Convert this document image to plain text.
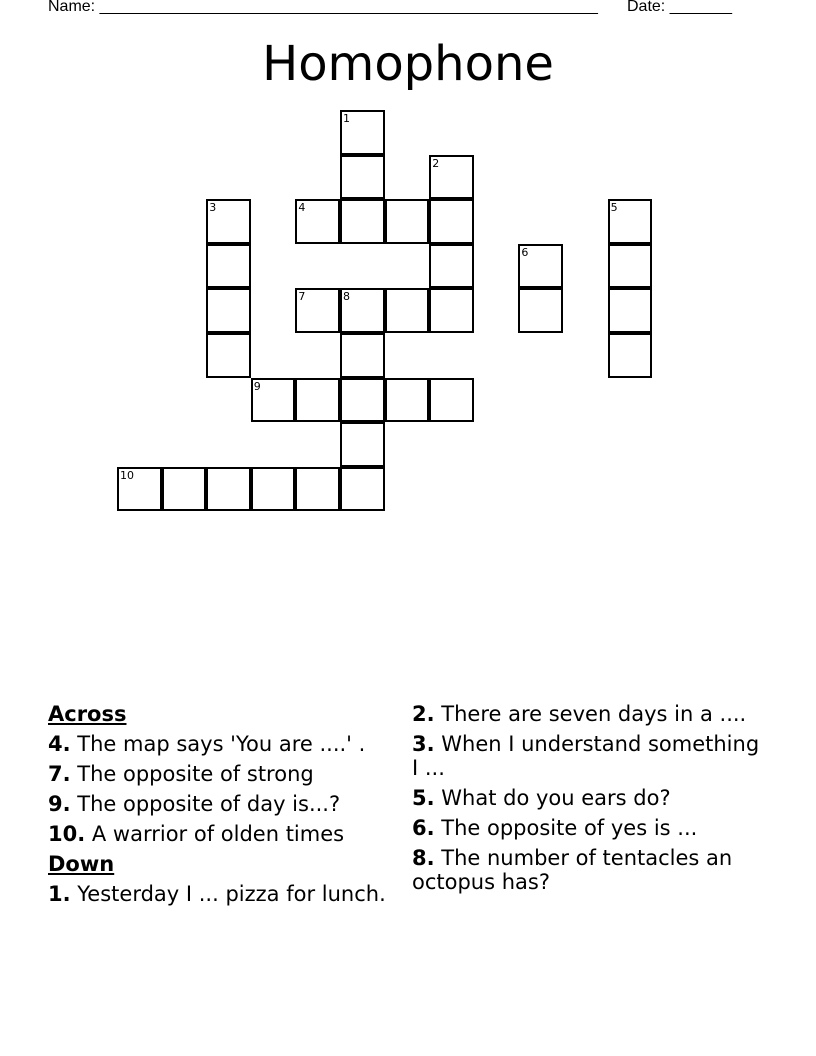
Name: ________________________________________________________ Date: _______
Homophone
1
2
3	4	5
6
7	8
9
10
Across
4. The map says 'You are ....' .
7. The opposite of strong
9. The opposite of day is...?
10. A warrior of olden times
Down
1. Yesterday I ... pizza for lunch.
2. There are seven days in a ....
3. When I understand something I ...
5. What do you ears do?
6. The opposite of yes is ...
8. The number of tentacles an octopus has?
